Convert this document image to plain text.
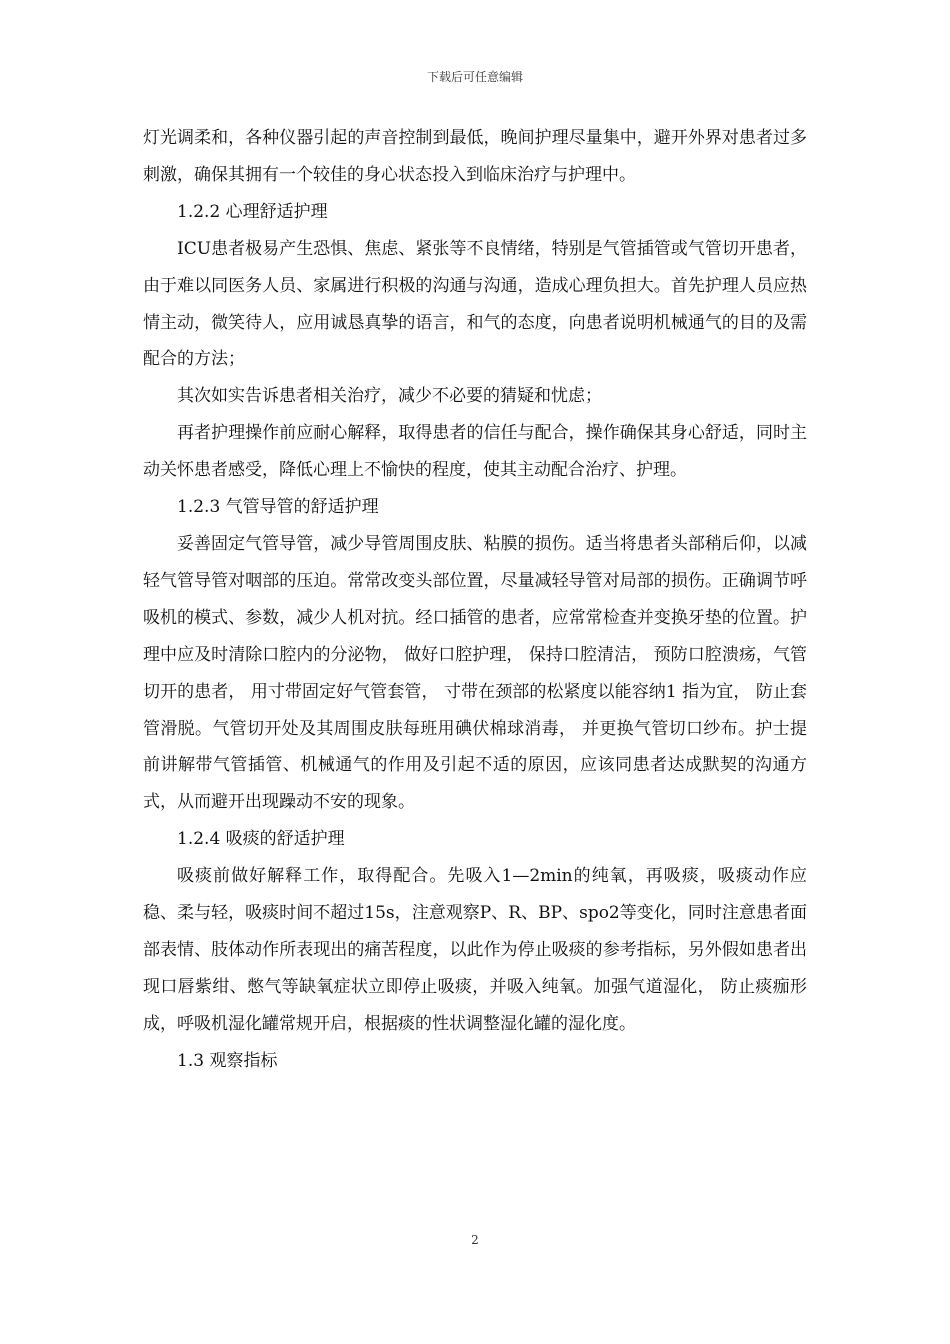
下载后可任意编辑

灯光调柔和，各种仪器引起的声音控制到最低，晚间护理尽量集中，避开外界对患者过多刺激，确保其拥有一个较佳的身心状态投入到临床治疗与护理中。

1.2.2 心理舒适护理

ICU患者极易产生恐惧、焦虑、紧张等不良情绪，特别是气管插管或气管切开患者，由于难以同医务人员、家属进行积极的沟通与沟通，造成心理负担大。首先护理人员应热情主动，微笑待人，应用诚恳真挚的语言，和气的态度，向患者说明机械通气的目的及需配合的方法；

其次如实告诉患者相关治疗，减少不必要的猜疑和忧虑；

再者护理操作前应耐心解释，取得患者的信任与配合，操作确保其身心舒适，同时主动关怀患者感受，降低心理上不愉快的程度，使其主动配合治疗、护理。

1.2.3 气管导管的舒适护理

妥善固定气管导管，减少导管周围皮肤、粘膜的损伤。适当将患者头部稍后仰，以减轻气管导管对咽部的压迫。常常改变头部位置，尽量减轻导管对局部的损伤。正确调节呼吸机的模式、参数，减少人机对抗。经口插管的患者，应常常检查并变换牙垫的位置。护理中应及时清除口腔内的分泌物， 做好口腔护理， 保持口腔清洁， 预防口腔溃疡，气管切开的患者， 用寸带固定好气管套管， 寸带在颈部的松紧度以能容纳1 指为宜， 防止套管滑脱。气管切开处及其周围皮肤每班用碘伏棉球消毒， 并更换气管切口纱布。护士提前讲解带气管插管、机械通气的作用及引起不适的原因，应该同患者达成默契的沟通方式，从而避开出现躁动不安的现象。

1.2.4 吸痰的舒适护理

吸痰前做好解释工作，取得配合。先吸入1—2min的纯氧，再吸痰，吸痰动作应稳、柔与轻，吸痰时间不超过15s，注意观察P、R、BP、spo2等变化，同时注意患者面部表情、肢体动作所表现出的痛苦程度，以此作为停止吸痰的参考指标，另外假如患者出现口唇紫绀、憋气等缺氧症状立即停止吸痰，并吸入纯氧。加强气道湿化， 防止痰痂形成，呼吸机湿化罐常规开启，根据痰的性状调整湿化罐的湿化度。

1.3 观察指标

2
